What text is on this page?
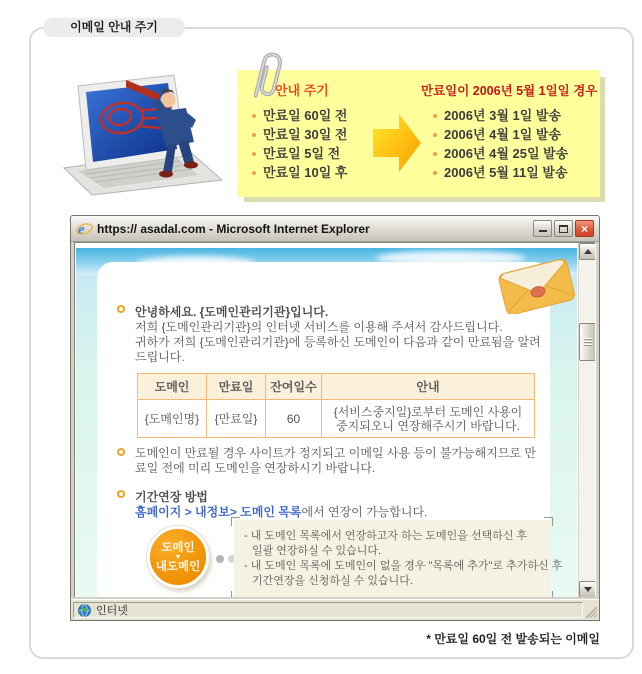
이메일 안내 주기
안내 주기
만료일 60일 전
만료일 30일 전
만료일 5일 전
만료일 10일 후
만료일이 2006년 5월 1일일 경우
2006년 3월 1일 발송
2006년 4월 1일 발송
2006년 4월 25일 발송
2006년 5월 11일 발송
e https:// asadal.com - Microsoft Internet Explorer	×
안녕하세요. {도메인관리기관}입니다.
저희 {도메인관리기관}의 인터넷 서비스를 이용해 주셔서 감사드립니다.
귀하가 저희 {도메인관리기관}에 등록하신 도메인이 다음과 같이 만료됨을 알려드립니다.
도메인	만료일	잔여일수	안내
{도메인명}	{만료일}	60	{서비스중지일}로부터 도메인 사용이 중지되오니 연장해주시기 바랍니다.
도메인이 만료될 경우 사이트가 정지되고 이메일 사용 등이 불가능해지므로 만료일 전에 미리 도메인을 연장하시기 바랍니다.
기간연장 방법
홈페이지 > 내정보> 도메인 목록에서 연장이 가능합니다.
도메인
▼
내도메인
- 내 도메인 목록에서 연장하고자 하는 도메인을 선택하신 후
일괄 연장하실 수 있습니다.
- 내 도메인 목록에 도메인이 없을 경우 "목록에 추가"로 추가하신 후
기간연장을 신청하실 수 있습니다.
인터넷
* 만료일 60일 전 발송되는 이메일
